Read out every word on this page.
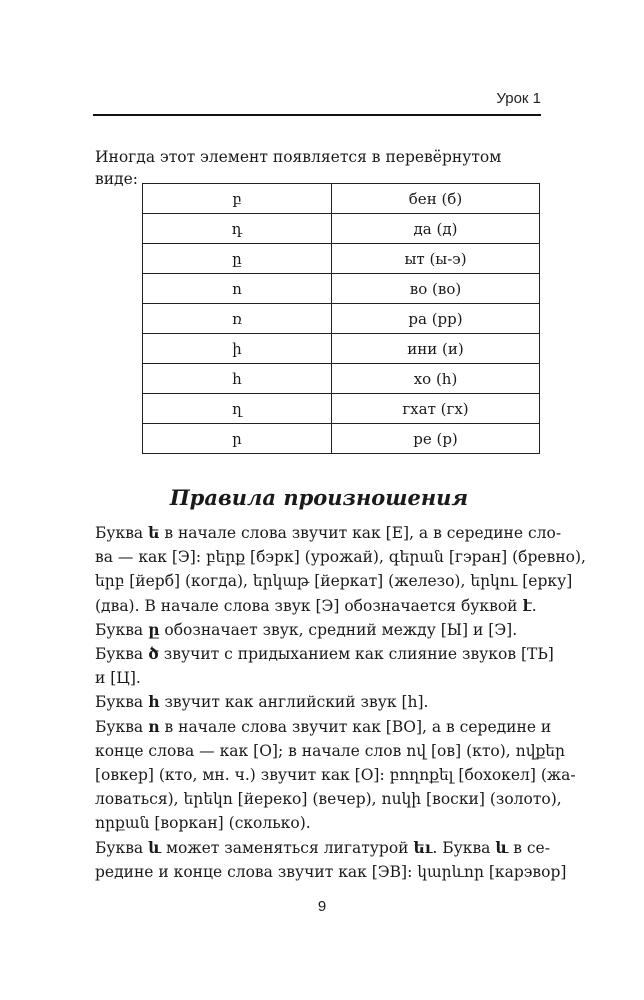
Урок 1
Иногда этот элемент появляется в перевёрнутом виде:
բ	бен (б)
դ	да (д)
ը	ыт (ы-э)
ո	во (во)
ռ	ра (рр)
ի	ини (и)
հ	хо (h)
ղ	гхат (гх)
ր	ре (р)
Правила произношения

Буква ե в начале слова звучит как [Е], а в середине сло-
ва — как [Э]: բերք [бэрк] (урожай), գերան [гэран] (бревно),
երբ [йерб] (когда), երկաթ [йеркат] (железо), երկու [ерку]
(два). В начале слова звук [Э] обозначается буквой է.

Буква ը обозначает звук, средний между [Ы] и [Э].

Буква ծ звучит с придыханием как слияние звуков [ТЬ]
и [Ц].

Буква հ звучит как английский звук [h].

Буква ո в начале слова звучит как [ВО], а в середине и
конце слова — как [О]; в начале слов ով [ов] (кто), ովքեր
[овкер] (кто, мн. ч.) звучит как [О]: բողոքել [бохокел] (жа-
ловаться), երեկո [йереко] (вечер), ոսկի [воски] (золото),
որքան [воркан] (сколько).

Буква և может заменяться лигатурой եւ. Буква և в се-
редине и конце слова звучит как [ЭВ]: կարևոր [карэвор]

9
